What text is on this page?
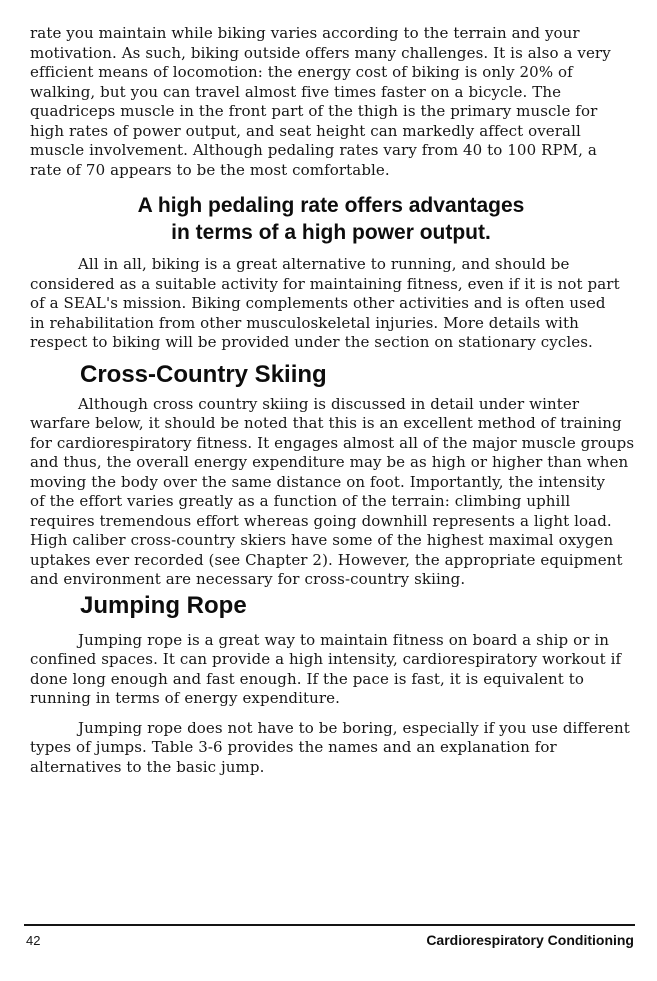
rate you maintain while biking varies according to the terrain and your
motivation. As such, biking outside offers many challenges. It is also a very
efficient means of locomotion: the energy cost of biking is only 20% of
walking, but you can travel almost five times faster on a bicycle. The
quadriceps muscle in the front part of the thigh is the primary muscle for
high rates of power output, and seat height can markedly affect overall
muscle involvement. Although pedaling rates vary from 40 to 100 RPM, a
rate of 70 appears to be the most comfortable.
A high pedaling rate offers advantages
in terms of a high power output.
All in all, biking is a great alternative to running, and should be
considered as a suitable activity for maintaining fitness, even if it is not part
of a SEAL's mission. Biking complements other activities and is often used
in rehabilitation from other musculoskeletal injuries. More details with
respect to biking will be provided under the section on stationary cycles.
Cross-Country Skiing
Although cross country skiing is discussed in detail under winter
warfare below, it should be noted that this is an excellent method of training
for cardiorespiratory fitness. It engages almost all of the major muscle groups
and thus, the overall energy expenditure may be as high or higher than when
moving the body over the same distance on foot. Importantly, the intensity
of the effort varies greatly as a function of the terrain: climbing uphill
requires tremendous effort whereas going downhill represents a light load.
High caliber cross-country skiers have some of the highest maximal oxygen
uptakes ever recorded (see Chapter 2). However, the appropriate equipment
and environment are necessary for cross-country skiing.
Jumping Rope
Jumping rope is a great way to maintain fitness on board a ship or in
confined spaces. It can provide a high intensity, cardiorespiratory workout if
done long enough and fast enough. If the pace is fast, it is equivalent to
running in terms of energy expenditure.
Jumping rope does not have to be boring, especially if you use different
types of jumps. Table 3-6 provides the names and an explanation for
alternatives to the basic jump.
42	Cardiorespiratory Conditioning
